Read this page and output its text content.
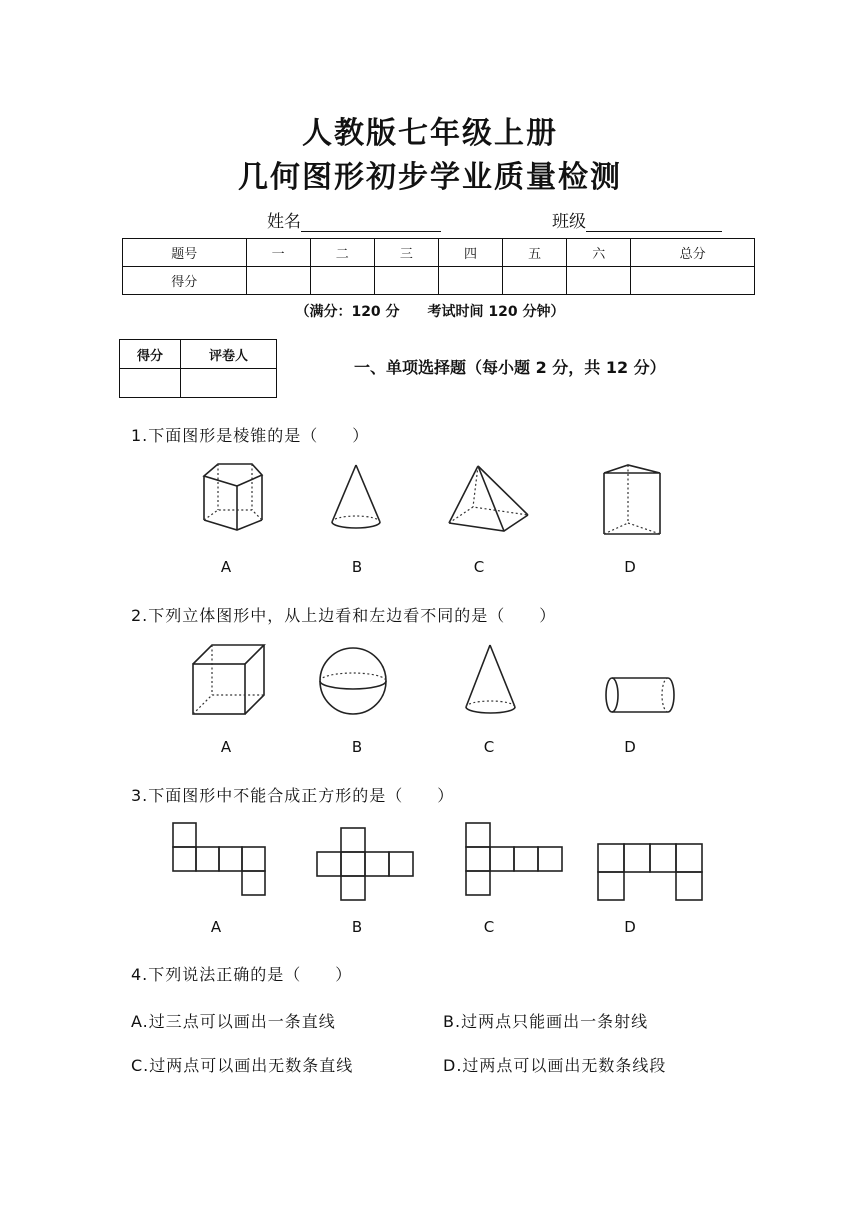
人教版七年级上册
几何图形初步学业质量检测
姓名	班级
题号	一	二	三	四	五	六	总分
得分							
（满分：120 分　　考试时间 120 分钟）
得分	评卷人

一、单项选择题（每小题 2 分，共 12 分）
1.下面图形是棱锥的是（　　）
A	B	C	D
2.下列立体图形中，从上边看和左边看不同的是（　　）
A	B	C	D
3.下面图形中不能合成正方形的是（　　）
A	B	C	D
4.下列说法正确的是（　　）
A.过三点可以画出一条直线	B.过两点只能画出一条射线
C.过两点可以画出无数条直线	D.过两点可以画出无数条线段
